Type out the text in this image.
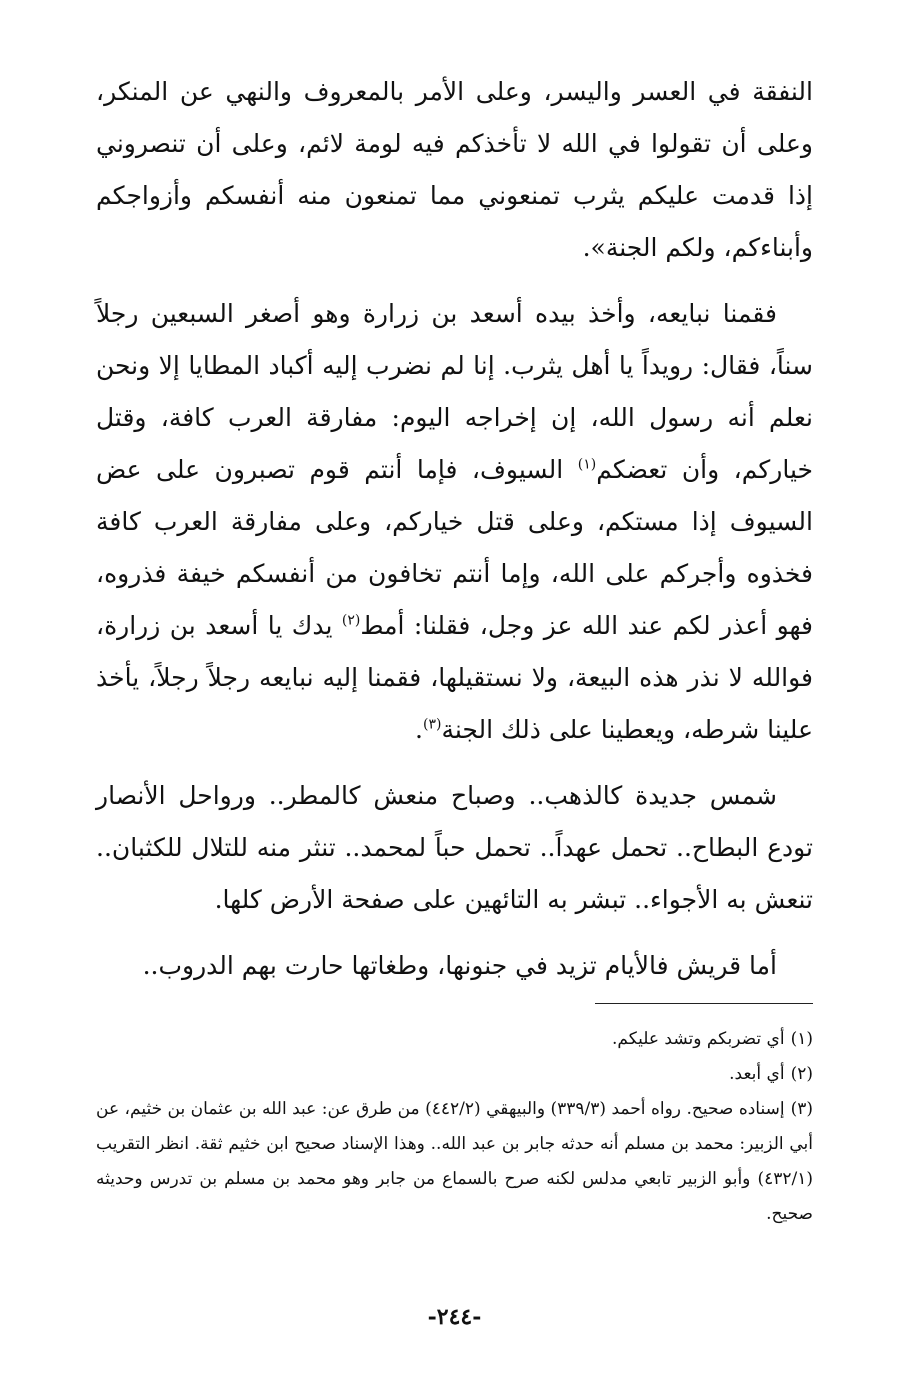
النفقة في العسر واليسر، وعلى الأمر بالمعروف والنهي عن المنكر، وعلى أن تقولوا في الله لا تأخذكم فيه لومة لائم، وعلى أن تنصروني إذا قدمت عليكم يثرب تمنعوني مما تمنعون منه أنفسكم وأزواجكم وأبناءكم، ولكم الجنة».

فقمنا نبايعه، وأخذ بيده أسعد بن زرارة وهو أصغر السبعين رجلاً سناً، فقال: رويداً يا أهل يثرب. إنا لم نضرب إليه أكباد المطايا إلا ونحن نعلم أنه رسول الله، إن إخراجه اليوم: مفارقة العرب كافة، وقتل خياركم، وأن تعضكم$^{(١)}$ السيوف، فإما أنتم قوم تصبرون على عض السيوف إذا مستكم، وعلى قتل خياركم، وعلى مفارقة العرب كافة فخذوه وأجركم على الله، وإما أنتم تخافون من أنفسكم خيفة فذروه، فهو أعذر لكم عند الله عز وجل، فقلنا: أمط$^{(٢)}$ يدك يا أسعد بن زرارة، فوالله لا نذر هذه البيعة، ولا نستقيلها، فقمنا إليه نبايعه رجلاً رجلاً، يأخذ علينا شرطه، ويعطينا على ذلك الجنة$^{(٣)}$.

شمس جديدة كالذهب.. وصباح منعش كالمطر.. ورواحل الأنصار تودع البطاح.. تحمل عهداً.. تحمل حباً لمحمد.. تنثر منه للتلال للكثبان.. تنعش به الأجواء.. تبشر به التائهين على صفحة الأرض كلها.

أما قريش فالأيام تزيد في جنونها، وطغاتها حارت بهم الدروب..

(١)أي تضربكم وتشد عليكم.

(٢)أي أبعد.

(٣)إسناده صحيح. رواه أحمد (٣٣٩/٣) والبيهقي (٤٤٢/٢) من طرق عن: عبد الله بن عثمان بن خثيم، عن أبي الزبير: محمد بن مسلم أنه حدثه جابر بن عبد الله.. وهذا الإسناد صحيح ابن خثيم ثقة. انظر التقريب (٤٣٢/١) وأبو الزبير تابعي مدلس لكنه صرح بالسماع من جابر وهو محمد بن مسلم بن تدرس وحديثه صحيح.

-٢٤٤-
